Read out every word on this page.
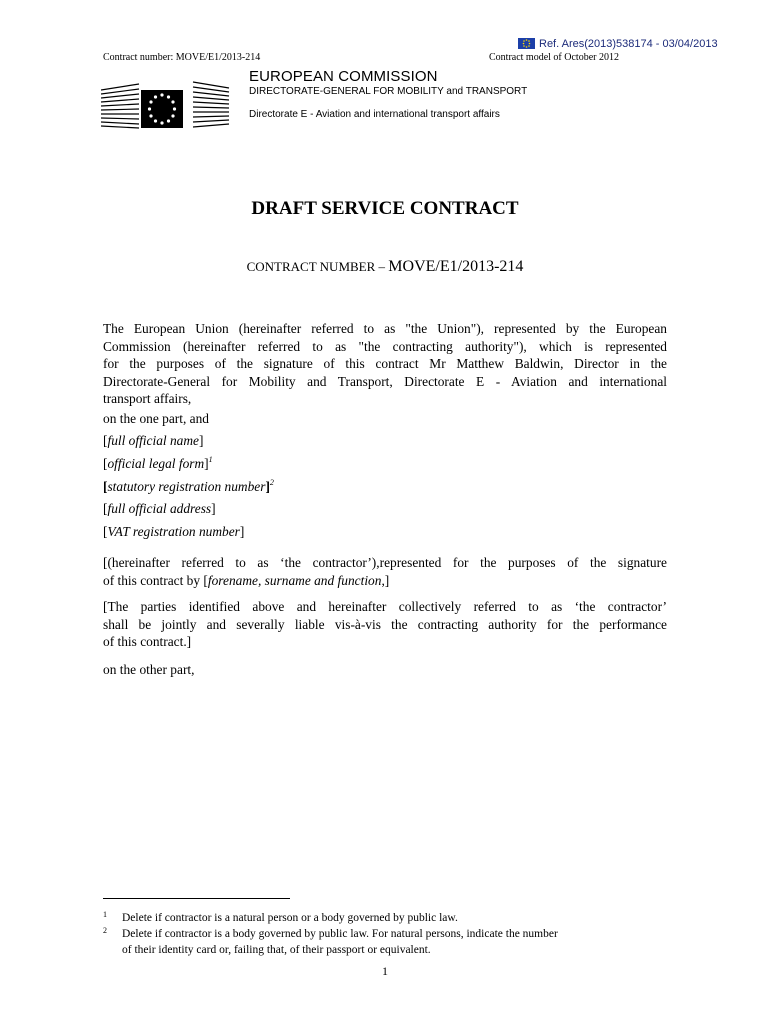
Ref. Ares(2013)538174 - 03/04/2013
Contract number: MOVE/E1/2013-214	Contract model of October 2012
EUROPEAN COMMISSION
DIRECTORATE-GENERAL FOR MOBILITY and TRANSPORT
Directorate E - Aviation and international transport affairs
DRAFT SERVICE CONTRACT
CONTRACT NUMBER – MOVE/E1/2013-214
The European Union (hereinafter referred to as "the Union"), represented by the European
Commission (hereinafter referred to as "the contracting authority"), which is represented
for the purposes of the signature of this contract Mr Matthew Baldwin, Director in the
Directorate-General for Mobility and Transport, Directorate E - Aviation and international
transport affairs,
on the one part, and
[full official name]
[official legal form]$^1$
[statutory registration number]$^2$
[full official address]
[VAT registration number]
[(hereinafter referred to as ‘the contractor’),represented for the purposes of the signature
of this contract by [forename, surname and function,]
[The parties identified above and hereinafter collectively referred to as ‘the contractor’
shall be jointly and severally liable vis-à-vis the contracting authority for the performance
of this contract.]
on the other part,
1 Delete if contractor is a natural person or a body governed by public law.
2 Delete if contractor is a body governed by public law. For natural persons, indicate the number
of their identity card or, failing that, of their passport or equivalent.
1
